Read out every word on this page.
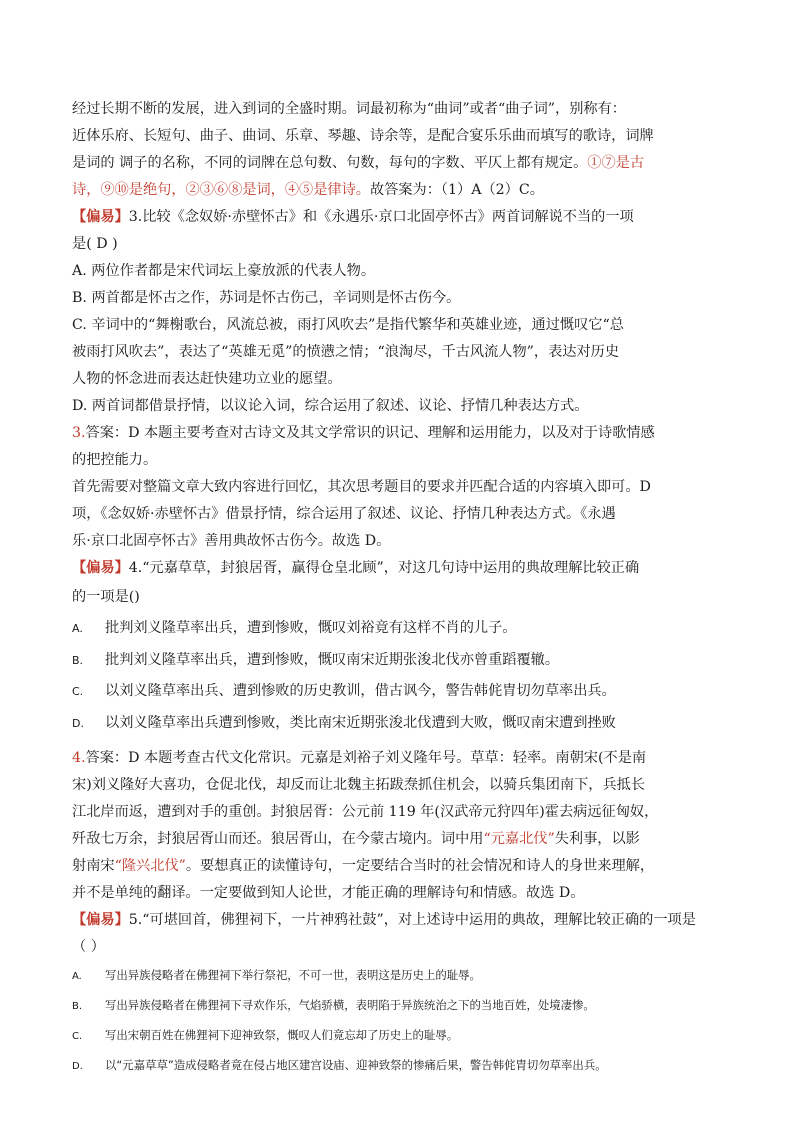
经过长期不断的发展，进入到词的全盛时期。词最初称为“曲词”或者“曲子词”，别称有：

近体乐府、长短句、曲子、曲词、乐章、琴趣、诗余等，是配合宴乐乐曲而填写的歌诗，词牌

是词的 调子的名称，不同的词牌在总句数、句数，每句的字数、平仄上都有规定。①⑦是古

诗，⑨⑩是绝句，②③⑥⑧是词，④⑤是律诗。故答案为：（1）A（2）C。

【偏易】3.比较《念奴娇·赤壁怀古》和《永遇乐·京口北固亭怀古》两首词解说不当的一项

是( D )

A. 两位作者都是宋代词坛上豪放派的代表人物。

B. 两首都是怀古之作，苏词是怀古伤己，辛词则是怀古伤今。

C. 辛词中的“舞榭歌台，风流总被，雨打风吹去”是指代繁华和英雄业迹，通过慨叹它“总

被雨打风吹去”，表达了“英雄无觅”的愤懑之情；“浪淘尽，千古风流人物”，表达对历史

人物的怀念进而表达赶快建功立业的愿望。

D. 两首词都借景抒情，以议论入词，综合运用了叙述、议论、抒情几种表达方式。

3.答案：D 本题主要考查对古诗文及其文学常识的识记、理解和运用能力，以及对于诗歌情感

的把控能力。

首先需要对整篇文章大致内容进行回忆，其次思考题目的要求并匹配合适的内容填入即可。D

项，《念奴娇·赤壁怀古》借景抒情，综合运用了叙述、议论、抒情几种表达方式。《永遇

乐·京口北固亭怀古》善用典故怀古伤今。故选 D。

【偏易】4.“元嘉草草，封狼居胥，赢得仓皇北顾”，对这几句诗中运用的典故理解比较正确

的一项是()

A. 批判刘义隆草率出兵，遭到惨败，慨叹刘裕竟有这样不肖的儿子。

B. 批判刘义隆草率出兵，遭到惨败，慨叹南宋近期张浚北伐亦曾重蹈覆辙。

C. 以刘义隆草率出兵、遭到惨败的历史教训，借古讽今，警告韩侂胄切勿草率出兵。

D. 以刘义隆草率出兵遭到惨败，类比南宋近期张浚北伐遭到大败，慨叹南宋遭到挫败

4.答案：D 本题考查古代文化常识。元嘉是刘裕子刘义隆年号。草草：轻率。南朝宋(不是南

宋)刘义隆好大喜功，仓促北伐，却反而让北魏主拓跋焘抓住机会，以骑兵集团南下，兵抵长

江北岸而返，遭到对手的重创。封狼居胥：公元前 119 年(汉武帝元狩四年)霍去病远征匈奴，

歼敌七万余，封狼居胥山而还。狼居胥山，在今蒙古境内。词中用“元嘉北伐”失利事，以影

射南宋“隆兴北伐”。要想真正的读懂诗句，一定要结合当时的社会情况和诗人的身世来理解，

并不是单纯的翻译。一定要做到知人论世，才能正确的理解诗句和情感。故选 D。

【偏易】5.“可堪回首，佛狸祠下，一片神鸦社鼓”，对上述诗中运用的典故，理解比较正确的一项是

（ ）

A. 写出异族侵略者在佛狸祠下举行祭祀，不可一世，表明这是历史上的耻辱。

B. 写出异族侵略者在佛狸祠下寻欢作乐，气焰骄横，表明陷于异族统治之下的当地百姓，处境凄惨。

C. 写出宋朝百姓在佛狸祠下迎神致祭，慨叹人们竟忘却了历史上的耻辱。

D. 以“元嘉草草”造成侵略者竟在侵占地区建宫设庙、迎神致祭的惨痛后果，警告韩侂胄切勿草率出兵。
